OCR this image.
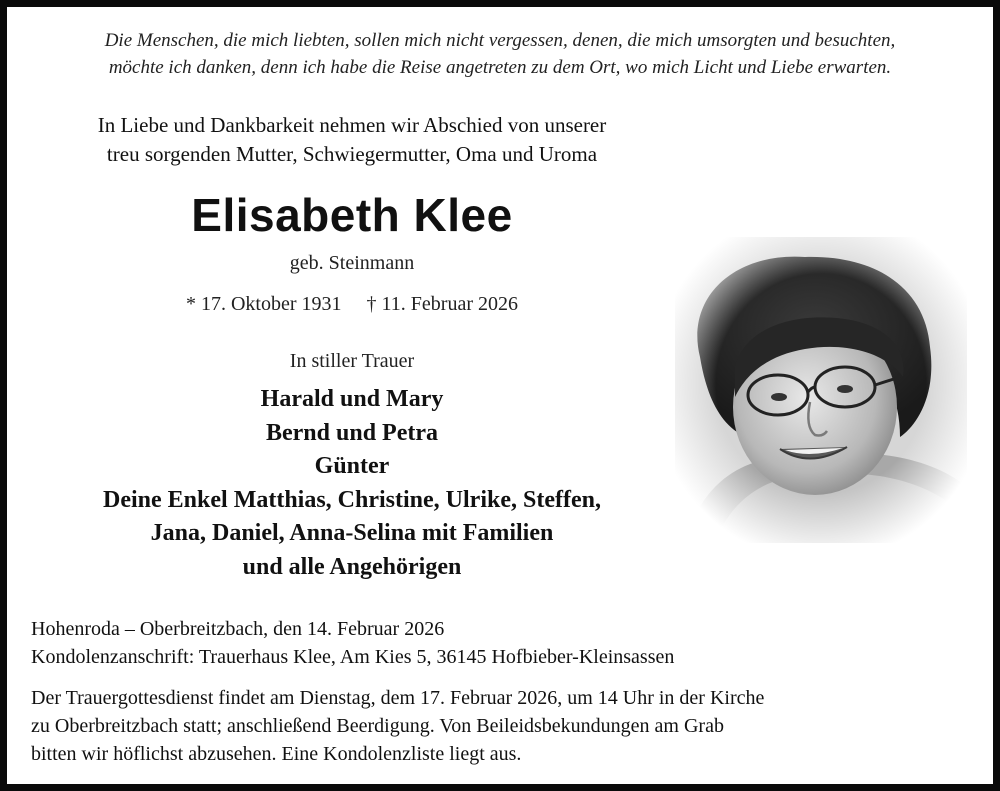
Die Menschen, die mich liebten, sollen mich nicht vergessen, denen, die mich umsorgten und besuchten,
möchte ich danken, denn ich habe die Reise angetreten zu dem Ort, wo mich Licht und Liebe erwarten.
In Liebe und Dankbarkeit nehmen wir Abschied von unserer
treu sorgenden Mutter, Schwiegermutter, Oma und Uroma
Elisabeth Klee
geb. Steinmann
* 17. Oktober 1931 † 11. Februar 2026
In stiller Trauer
Harald und Mary
Bernd und Petra
Günter
Deine Enkel Matthias, Christine, Ulrike, Steffen,
Jana, Daniel, Anna-Selina mit Familien
und alle Angehörigen
Hohenroda – Oberbreitzbach, den 14. Februar 2026
Kondolenzanschrift: Trauerhaus Klee, Am Kies 5, 36145 Hofbieber-Kleinsassen
Der Trauergottesdienst findet am Dienstag, dem 17. Februar 2026, um 14 Uhr in der Kirche
zu Oberbreitzbach statt; anschließend Beerdigung. Von Beileidsbekundungen am Grab
bitten wir höflichst abzusehen. Eine Kondolenzliste liegt aus.
